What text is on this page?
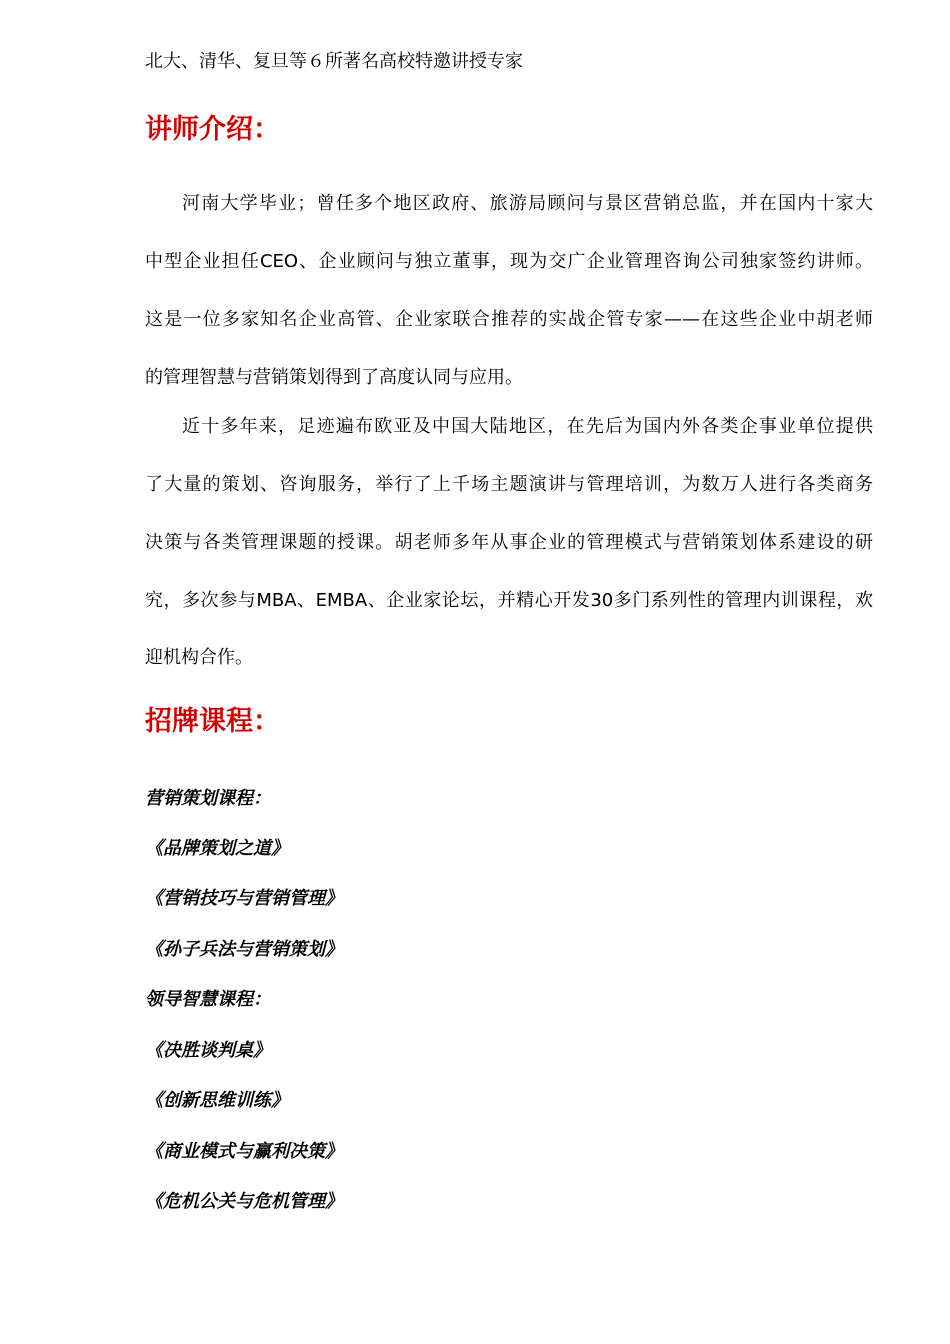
北大、清华、复旦等６所著名高校特邀讲授专家
讲师介绍：
河南大学毕业；曾任多个地区政府、旅游局顾问与景区营销总监，并在国内十家大
中型企业担任CEO、企业顾问与独立董事，现为交广企业管理咨询公司独家签约讲师。
这是一位多家知名企业高管、企业家联合推荐的实战企管专家——在这些企业中胡老师
的管理智慧与营销策划得到了高度认同与应用。
近十多年来，足迹遍布欧亚及中国大陆地区，在先后为国内外各类企事业单位提供
了大量的策划、咨询服务，举行了上千场主题演讲与管理培训，为数万人进行各类商务
决策与各类管理课题的授课。胡老师多年从事企业的管理模式与营销策划体系建设的研
究，多次参与MBA、EMBA、企业家论坛，并精心开发30多门系列性的管理内训课程，欢
迎机构合作。
招牌课程：
营销策划课程：
《品牌策划之道》
《营销技巧与营销管理》
《孙子兵法与营销策划》
领导智慧课程：
《决胜谈判桌》
《创新思维训练》
《商业模式与赢利决策》
《危机公关与危机管理》
